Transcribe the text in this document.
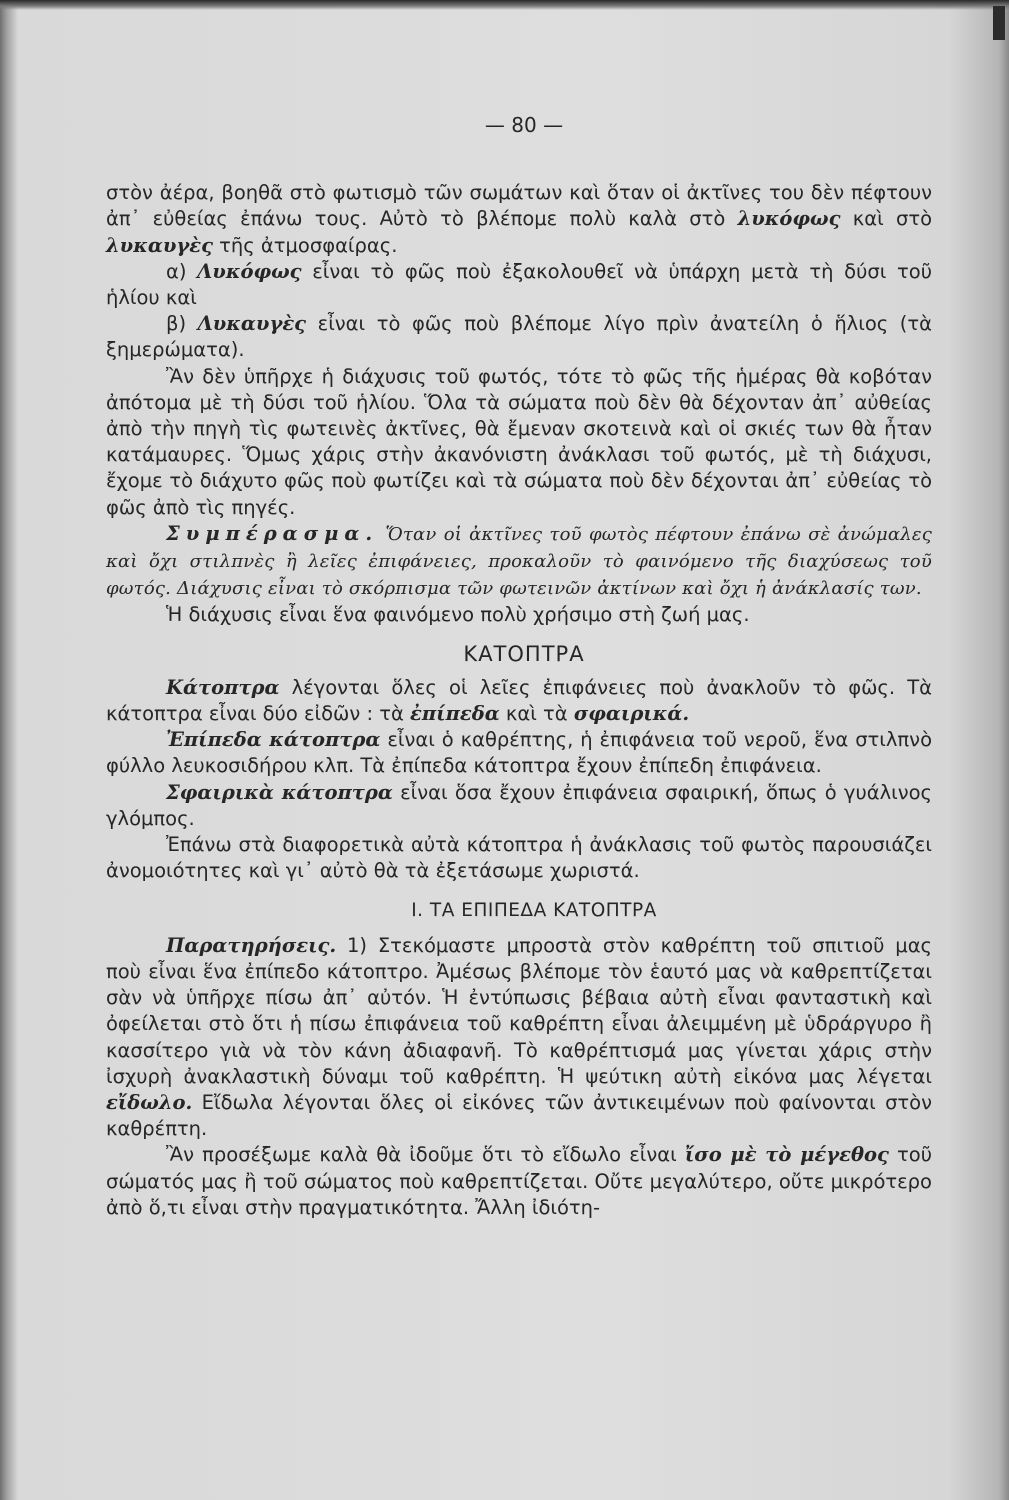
— 80 —

στὸν ἀέρα, βοηθᾶ στὸ φωτισμὸ τῶν σωμάτων καὶ ὅταν οἱ ἀκτῖνες του δὲν πέφτουν ἀπ᾽ εὐθείας ἐπάνω τους. Αὐτὸ τὸ βλέπομε πολὺ καλὰ στὸ λυκόφως καὶ στὸ λυκαυγὲς τῆς ἀτμοσφαίρας.

α) Λυκόφως εἶναι τὸ φῶς ποὺ ἐξακολουθεῖ νὰ ὑπάρχη μετὰ τὴ δύσι τοῦ ἡλίου καὶ

β) Λυκαυγὲς εἶναι τὸ φῶς ποὺ βλέπομε λίγο πρὶν ἀνατείλη ὁ ἥλιος (τὰ ξημερώματα).

Ἂν δὲν ὑπῆρχε ἡ διάχυσις τοῦ φωτός, τότε τὸ φῶς τῆς ἡμέρας θὰ κοβόταν ἀπότομα μὲ τὴ δύσι τοῦ ἡλίου. Ὅλα τὰ σώματα ποὺ δὲν θὰ δέχονταν ἀπ᾽ αὐθείας ἀπὸ τὴν πηγὴ τὶς φωτεινὲς ἀκτῖνες, θὰ ἔμεναν σκοτεινὰ καὶ οἱ σκιές των θὰ ἦταν κατάμαυρες. Ὅμως χάρις στὴν ἀκανόνιστη ἀνάκλασι τοῦ φωτός, μὲ τὴ διάχυσι, ἔχομε τὸ διάχυτο φῶς ποὺ φωτίζει καὶ τὰ σώματα ποὺ δὲν δέχονται ἀπ᾽ εὐθείας τὸ φῶς ἀπὸ τὶς πηγές.

Συμπέρασμα. Ὅταν οἱ ἀκτῖνες τοῦ φωτὸς πέφτουν ἐπάνω σὲ ἀνώμαλες καὶ ὄχι στιλπνὲς ἢ λεῖες ἐπιφάνειες, προκαλοῦν τὸ φαινόμενο τῆς διαχύσεως τοῦ φωτός. Διάχυσις εἶναι τὸ σκόρπισμα τῶν φωτεινῶν ἀκτίνων καὶ ὄχι ἡ ἀνάκλασίς των.

Ἡ διάχυσις εἶναι ἕνα φαινόμενο πολὺ χρήσιμο στὴ ζωή μας.

ΚΑΤΟΠΤΡΑ

Κάτοπτρα λέγονται ὅλες οἱ λεῖες ἐπιφάνειες ποὺ ἀνακλοῦν τὸ φῶς. Τὰ κάτοπτρα εἶναι δύο εἰδῶν : τὰ ἐπίπεδα καὶ τὰ σφαιρικά.

Ἐπίπεδα κάτοπτρα εἶναι ὁ καθρέπτης, ἡ ἐπιφάνεια τοῦ νεροῦ, ἕνα στιλπνὸ φύλλο λευκοσιδήρου κλπ. Τὰ ἐπίπεδα κάτοπτρα ἔχουν ἐπίπεδη ἐπιφάνεια.

Σφαιρικὰ κάτοπτρα εἶναι ὅσα ἔχουν ἐπιφάνεια σφαιρική, ὅπως ὁ γυάλινος γλόμπος.

Ἐπάνω στὰ διαφορετικὰ αὐτὰ κάτοπτρα ἡ ἀνάκλασις τοῦ φωτὸς παρουσιάζει ἀνομοιότητες καὶ γι᾽ αὐτὸ θὰ τὰ ἐξετάσωμε χωριστά.

Ι. ΤΑ ΕΠΙΠΕΔΑ ΚΑΤΟΠΤΡΑ

Παρατηρήσεις. 1) Στεκόμαστε μπροστὰ στὸν καθρέπτη τοῦ σπιτιοῦ μας ποὺ εἶναι ἕνα ἐπίπεδο κάτοπτρο. Ἀμέσως βλέπομε τὸν ἑαυτό μας νὰ καθρεπτίζεται σὰν νὰ ὑπῆρχε πίσω ἀπ᾽ αὐτόν. Ἡ ἐντύπωσις βέβαια αὐτὴ εἶναι φανταστικὴ καὶ ὀφείλεται στὸ ὅτι ἡ πίσω ἐπιφάνεια τοῦ καθρέπτη εἶναι ἀλειμμένη μὲ ὑδράργυρο ἢ κασσίτερο γιὰ νὰ τὸν κάνη ἀδιαφανῆ. Τὸ καθρέπτισμά μας γίνεται χάρις στὴν ἰσχυρὴ ἀνακλαστικὴ δύναμι τοῦ καθρέπτη. Ἡ ψεύτικη αὐτὴ εἰκόνα μας λέγεται εἴδωλο. Εἴδωλα λέγονται ὅλες οἱ εἰκόνες τῶν ἀντικειμένων ποὺ φαίνονται στὸν καθρέπτη.

Ἂν προσέξωμε καλὰ θὰ ἰδοῦμε ὅτι τὸ εἴδωλο εἶναι ἴσο μὲ τὸ μέγεθος τοῦ σώματός μας ἢ τοῦ σώματος ποὺ καθρεπτίζεται. Οὔτε μεγαλύτερο, οὔτε μικρότερο ἀπὸ ὅ,τι εἶναι στὴν πραγματικότητα. Ἄλλη ἰδιότη-
